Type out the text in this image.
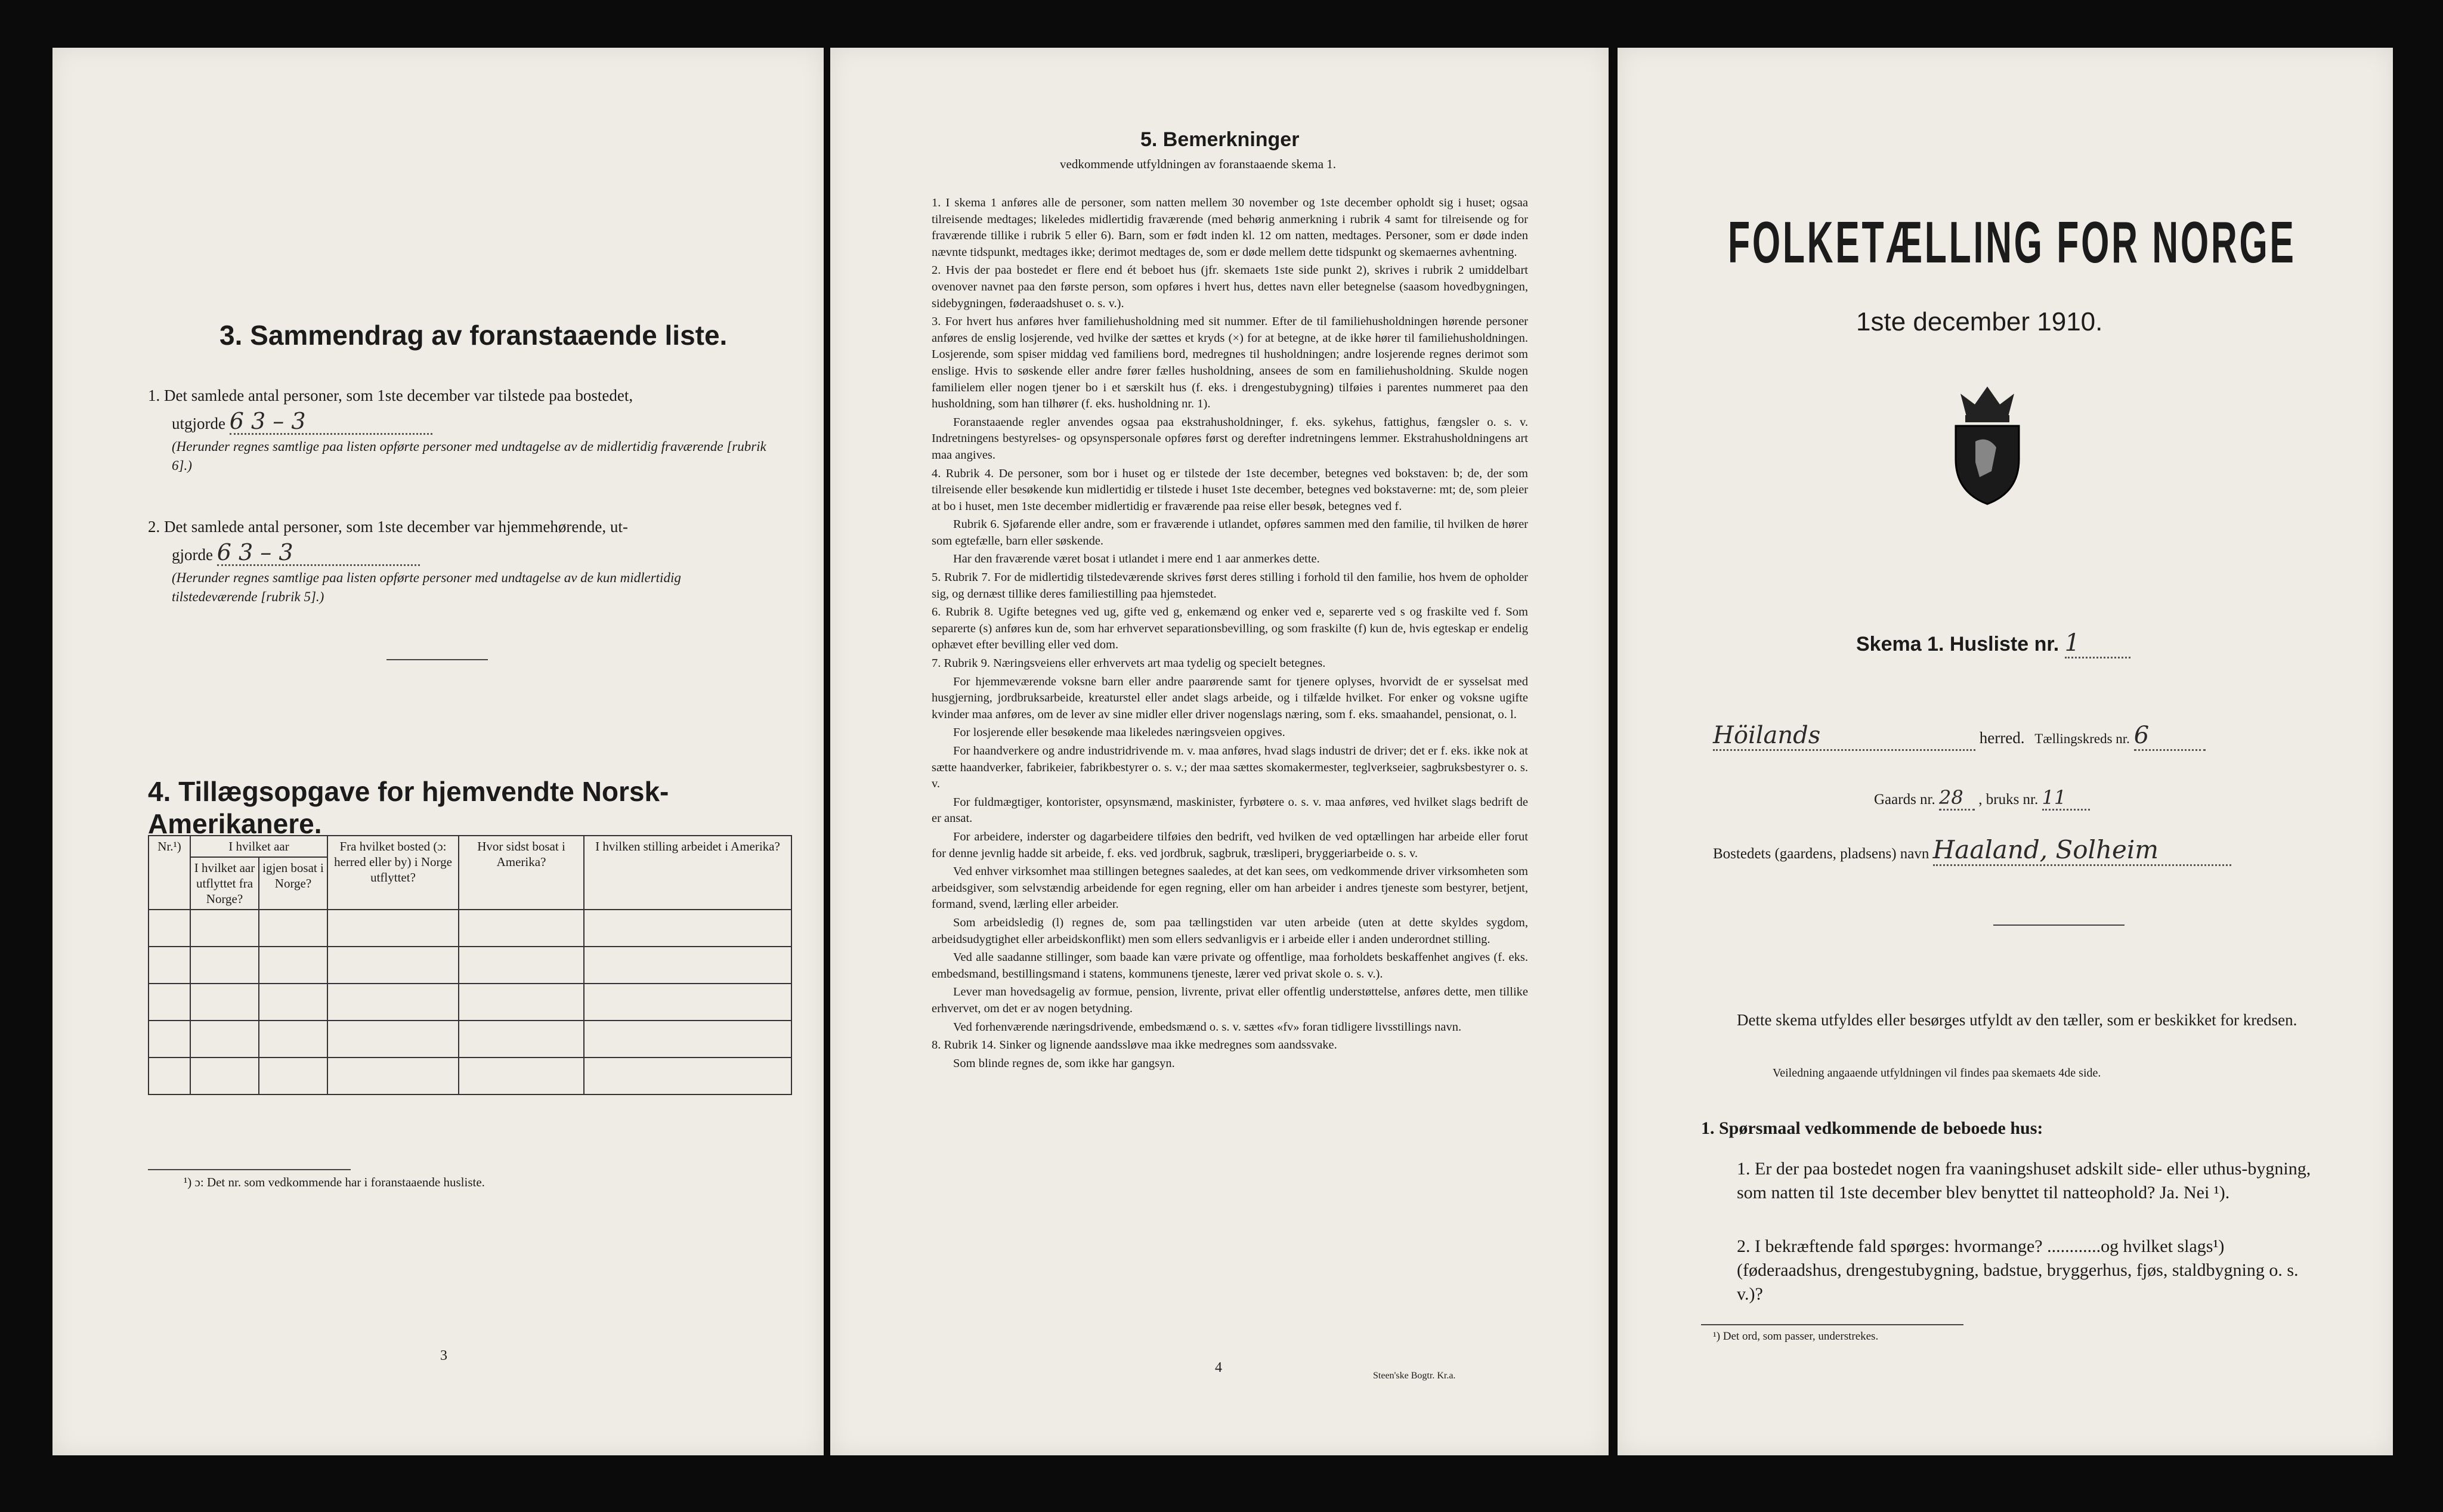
3. Sammendrag av foranstaaende liste.
1. Det samlede antal personer, som 1ste december var tilstede paa bostedet,
utgjorde 6 3 – 3
(Herunder regnes samtlige paa listen opførte personer med undtagelse av de midlertidig fraværende [rubrik 6].)
2. Det samlede antal personer, som 1ste december var hjemmehørende, ut-
gjorde 6 3 – 3
(Herunder regnes samtlige paa listen opførte personer med undtagelse av de kun midlertidig tilstedeværende [rubrik 5].)
4. Tillægsopgave for hjemvendte Norsk-Amerikanere.
Nr.¹)	I hvilket aar		Fra hvilket bosted (ɔ: herred eller by) i Norge utflyttet?	Hvor sidst bosat i Amerika?	I hvilken stilling arbeidet i Amerika?
	I hvilket aar utflyttet fra Norge?	igjen bosat i Norge?			

¹) ɔ: Det nr. som vedkommende har i foranstaaende husliste.
3
5. Bemerkninger
vedkommende utfyldningen av foranstaaende skema 1.

1. I skema 1 anføres alle de personer, som natten mellem 30 november og 1ste december opholdt sig i huset; ogsaa tilreisende medtages; likeledes midlertidig fraværende (med behørig anmerkning i rubrik 4 samt for tilreisende og for fraværende tillike i rubrik 5 eller 6). Barn, som er født inden kl. 12 om natten, medtages. Personer, som er døde inden nævnte tidspunkt, medtages ikke; derimot medtages de, som er døde mellem dette tidspunkt og skemaernes avhentning.

2. Hvis der paa bostedet er flere end ét beboet hus (jfr. skemaets 1ste side punkt 2), skrives i rubrik 2 umiddelbart ovenover navnet paa den første person, som opføres i hvert hus, dettes navn eller betegnelse (saasom hovedbygningen, sidebygningen, føderaadshuset o. s. v.).

3. For hvert hus anføres hver familiehusholdning med sit nummer. Efter de til familiehusholdningen hørende personer anføres de enslig losjerende, ved hvilke der sættes et kryds (×) for at betegne, at de ikke hører til familiehusholdningen. Losjerende, som spiser middag ved familiens bord, medregnes til husholdningen; andre losjerende regnes derimot som enslige. Hvis to søskende eller andre fører fælles husholdning, ansees de som en familiehusholdning. Skulde nogen familielem eller nogen tjener bo i et særskilt hus (f. eks. i drengestubygning) tilføies i parentes nummeret paa den husholdning, som han tilhører (f. eks. husholdning nr. 1).

Foranstaaende regler anvendes ogsaa paa ekstrahusholdninger, f. eks. sykehus, fattighus, fængsler o. s. v. Indretningens bestyrelses- og opsynspersonale opføres først og derefter indretningens lemmer. Ekstrahusholdningens art maa angives.

4. Rubrik 4. De personer, som bor i huset og er tilstede der 1ste december, betegnes ved bokstaven: b; de, der som tilreisende eller besøkende kun midlertidig er tilstede i huset 1ste december, betegnes ved bokstaverne: mt; de, som pleier at bo i huset, men 1ste december midlertidig er fraværende paa reise eller besøk, betegnes ved f.

Rubrik 6. Sjøfarende eller andre, som er fraværende i utlandet, opføres sammen med den familie, til hvilken de hører som egtefælle, barn eller søskende.

Har den fraværende været bosat i utlandet i mere end 1 aar anmerkes dette.

5. Rubrik 7. For de midlertidig tilstedeværende skrives først deres stilling i forhold til den familie, hos hvem de opholder sig, og dernæst tillike deres familiestilling paa hjemstedet.

6. Rubrik 8. Ugifte betegnes ved ug, gifte ved g, enkemænd og enker ved e, separerte ved s og fraskilte ved f. Som separerte (s) anføres kun de, som har erhvervet separationsbevilling, og som fraskilte (f) kun de, hvis egteskap er endelig ophævet efter bevilling eller ved dom.

7. Rubrik 9. Næringsveiens eller erhvervets art maa tydelig og specielt betegnes.

For hjemmeværende voksne barn eller andre paarørende samt for tjenere oplyses, hvorvidt de er sysselsat med husgjerning, jordbruksarbeide, kreaturstel eller andet slags arbeide, og i tilfælde hvilket. For enker og voksne ugifte kvinder maa anføres, om de lever av sine midler eller driver nogenslags næring, som f. eks. smaahandel, pensionat, o. l.

For losjerende eller besøkende maa likeledes næringsveien opgives.

For haandverkere og andre industridrivende m. v. maa anføres, hvad slags industri de driver; det er f. eks. ikke nok at sætte haandverker, fabrikeier, fabrikbestyrer o. s. v.; der maa sættes skomakermester, teglverkseier, sagbruksbestyrer o. s. v.

For fuldmægtiger, kontorister, opsynsmænd, maskinister, fyrbøtere o. s. v. maa anføres, ved hvilket slags bedrift de er ansat.

For arbeidere, inderster og dagarbeidere tilføies den bedrift, ved hvilken de ved optællingen har arbeide eller forut for denne jevnlig hadde sit arbeide, f. eks. ved jordbruk, sagbruk, træsliperi, bryggeriarbeide o. s. v.

Ved enhver virksomhet maa stillingen betegnes saaledes, at det kan sees, om vedkommende driver virksomheten som arbeidsgiver, som selvstændig arbeidende for egen regning, eller om han arbeider i andres tjeneste som bestyrer, betjent, formand, svend, lærling eller arbeider.

Som arbeidsledig (l) regnes de, som paa tællingstiden var uten arbeide (uten at dette skyldes sygdom, arbeidsudygtighet eller arbeidskonflikt) men som ellers sedvanligvis er i arbeide eller i anden underordnet stilling.

Ved alle saadanne stillinger, som baade kan være private og offentlige, maa forholdets beskaffenhet angives (f. eks. embedsmand, bestillingsmand i statens, kommunens tjeneste, lærer ved privat skole o. s. v.).

Lever man hovedsagelig av formue, pension, livrente, privat eller offentlig understøttelse, anføres dette, men tillike erhvervet, om det er av nogen betydning.

Ved forhenværende næringsdrivende, embedsmænd o. s. v. sættes «fv» foran tidligere livsstillings navn.

8. Rubrik 14. Sinker og lignende aandssløve maa ikke medregnes som aandssvake.

Som blinde regnes de, som ikke har gangsyn.

4
Steen'ske Bogtr. Kr.a.
FOLKETÆLLING FOR NORGE
1ste december 1910.
Skema 1. Husliste nr. 1
Höilands	herred. Tællingskreds nr. 6
Gaards nr. 28 , bruks nr. 11
Bostedets (gaardens, pladsens) navn Haaland, Solheim
Dette skema utfyldes eller besørges utfyldt av den tæller, som er beskikket for kredsen.
Veiledning angaaende utfyldningen vil findes paa skemaets 4de side.
1. Spørsmaal vedkommende de beboede hus:
1. Er der paa bostedet nogen fra vaaningshuset adskilt side- eller uthus-bygning, som natten til 1ste december blev benyttet til natteophold? Ja. Nei ¹).
2. I bekræftende fald spørges: hvormange? ............og hvilket slags¹) (føderaadshus, drengestubygning, badstue, bryggerhus, fjøs, staldbygning o. s. v.)?
¹) Det ord, som passer, understrekes.
